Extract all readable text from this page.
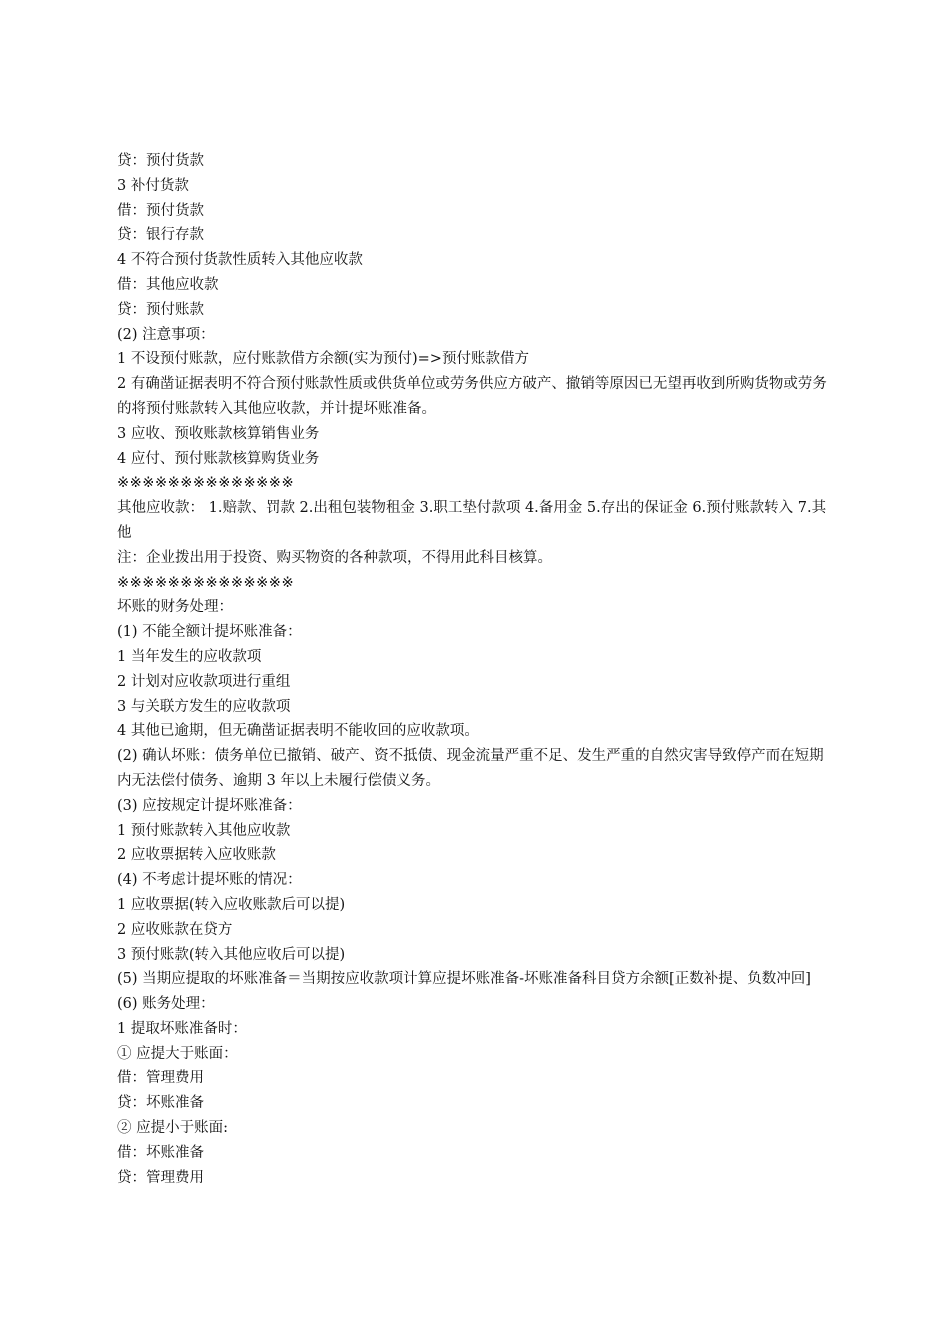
贷：预付货款

3 补付货款

借：预付货款

贷：银行存款

4 不符合预付货款性质转入其他应收款

借：其他应收款

贷：预付账款

(2) 注意事项：

1 不设预付账款，应付账款借方余额(实为预付)=>预付账款借方

2 有确凿证据表明不符合预付账款性质或供货单位或劳务供应方破产、撤销等原因已无望再收到所购货物或劳务的将预付账款转入其他应收款，并计提坏账准备。

3 应收、预收账款核算销售业务

4 应付、预付账款核算购货业务

※※※※※※※※※※※※※※

其他应收款： 1.赔款、罚款 2.出租包装物租金 3.职工垫付款项 4.备用金 5.存出的保证金 6.预付账款转入 7.其他

注：企业拨出用于投资、购买物资的各种款项，不得用此科目核算。

※※※※※※※※※※※※※※

坏账的财务处理：

(1) 不能全额计提坏账准备：

1 当年发生的应收款项

2 计划对应收款项进行重组

3 与关联方发生的应收款项

4 其他已逾期，但无确凿证据表明不能收回的应收款项。

(2) 确认坏账：债务单位已撤销、破产、资不抵债、现金流量严重不足、发生严重的自然灾害导致停产而在短期内无法偿付债务、逾期 3 年以上未履行偿债义务。

(3) 应按规定计提坏账准备：

1 预付账款转入其他应收款

2 应收票据转入应收账款

(4) 不考虑计提坏账的情况：

1 应收票据(转入应收账款后可以提)

2 应收账款在贷方

3 预付账款(转入其他应收后可以提)

(5) 当期应提取的坏账准备＝当期按应收款项计算应提坏账准备-坏账准备科目贷方余额[正数补提、负数冲回]

(6) 账务处理：

1 提取坏账准备时：

① 应提大于账面：

借：管理费用

贷：坏账准备

② 应提小于账面:

借：坏账准备

贷：管理费用
